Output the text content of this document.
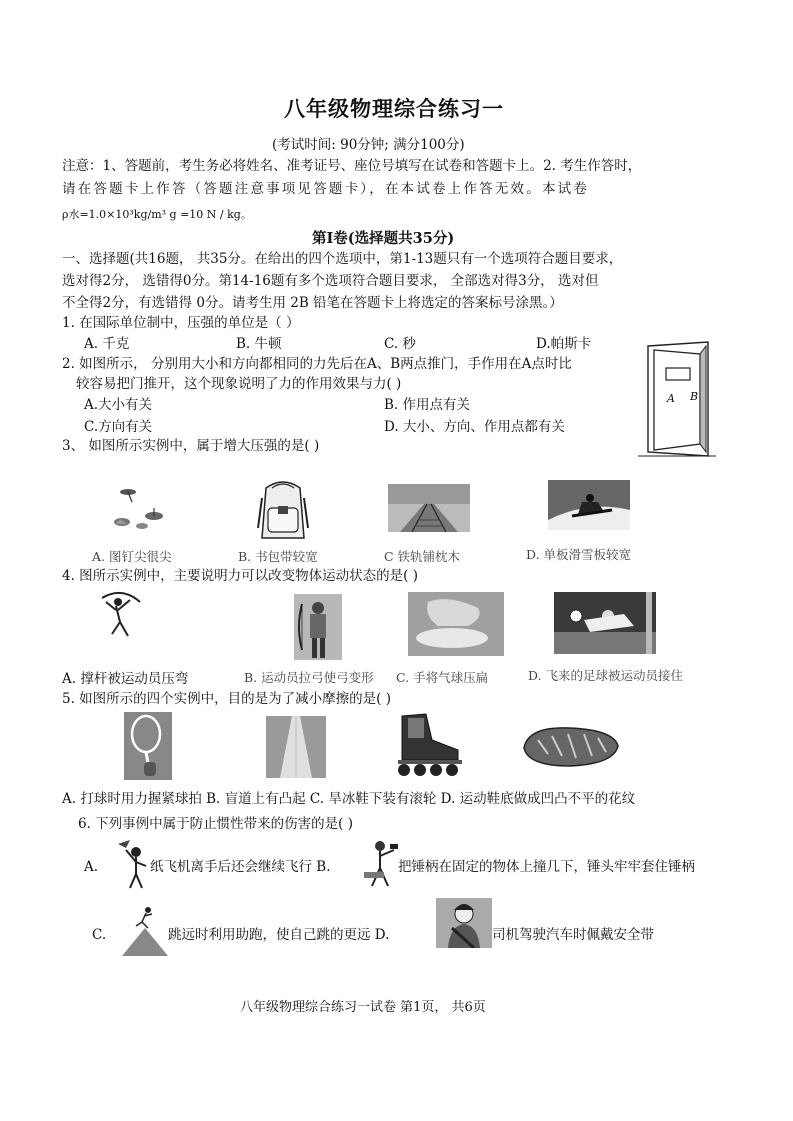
八年级物理综合练习一
(考试时间: 90分钟; 满分100分)
注意：1、答题前，考生务必将姓名、准考证号、座位号填写在试卷和答题卡上。2. 考生作答时，
请在答题卡上作答（答题注意事项见答题卡），在本试卷上作答无效。本试卷
ρ水=1.0×10³kg/m³ g =10 N / kg。
第Ⅰ卷(选择题共35分)
一、选择题(共16题， 共35分。在给出的四个选项中，第1-13题只有一个选项符合题目要求，
选对得2分， 选错得0分。第14-16题有多个选项符合题目要求， 全部选对得3分， 选对但
不全得2分，有选错得 0分。请考生用 2B 铅笔在答题卡上将选定的答案标号涂黑。）
1. 在国际单位制中，压强的单位是（ ）
A. 千克	B. 牛顿	C. 秒	D.帕斯卡
2. 如图所示， 分别用大小和方向都相同的力先后在A、B两点推门，手作用在A点时比
较容易把门推开，这个现象说明了力的作用效果与力( )
A.大小有关	B. 作用点有关
C.方向有关	D. 大小、方向、作用点都有关
A B
3、 如图所示实例中，属于增大压强的是( )
A. 图钉尖很尖	B. 书包带较宽	C 铁轨铺枕木	D. 单板滑雪板较宽
4. 图所示实例中，主要说明力可以改变物体运动状态的是( )
A. 撑杆被运动员压弯	B. 运动员拉弓使弓变形 C. 手将气球压扁	D. 飞来的足球被运动员接住
5. 如图所示的四个实例中，目的是为了减小摩擦的是( )
A. 打球时用力握紧球拍 B. 盲道上有凸起 C. 旱冰鞋下装有滚轮 D. 运动鞋底做成凹凸不平的花纹
6. 下列事例中属于防止惯性带来的伤害的是( )
A.	纸飞机离手后还会继续飞行 B.	把锤柄在固定的物体上撞几下，锤头牢牢套住锤柄
C.	跳远时利用助跑，使自己跳的更远 D.	司机驾驶汽车时佩戴安全带
八年级物理综合练习一试卷 第1页， 共6页
